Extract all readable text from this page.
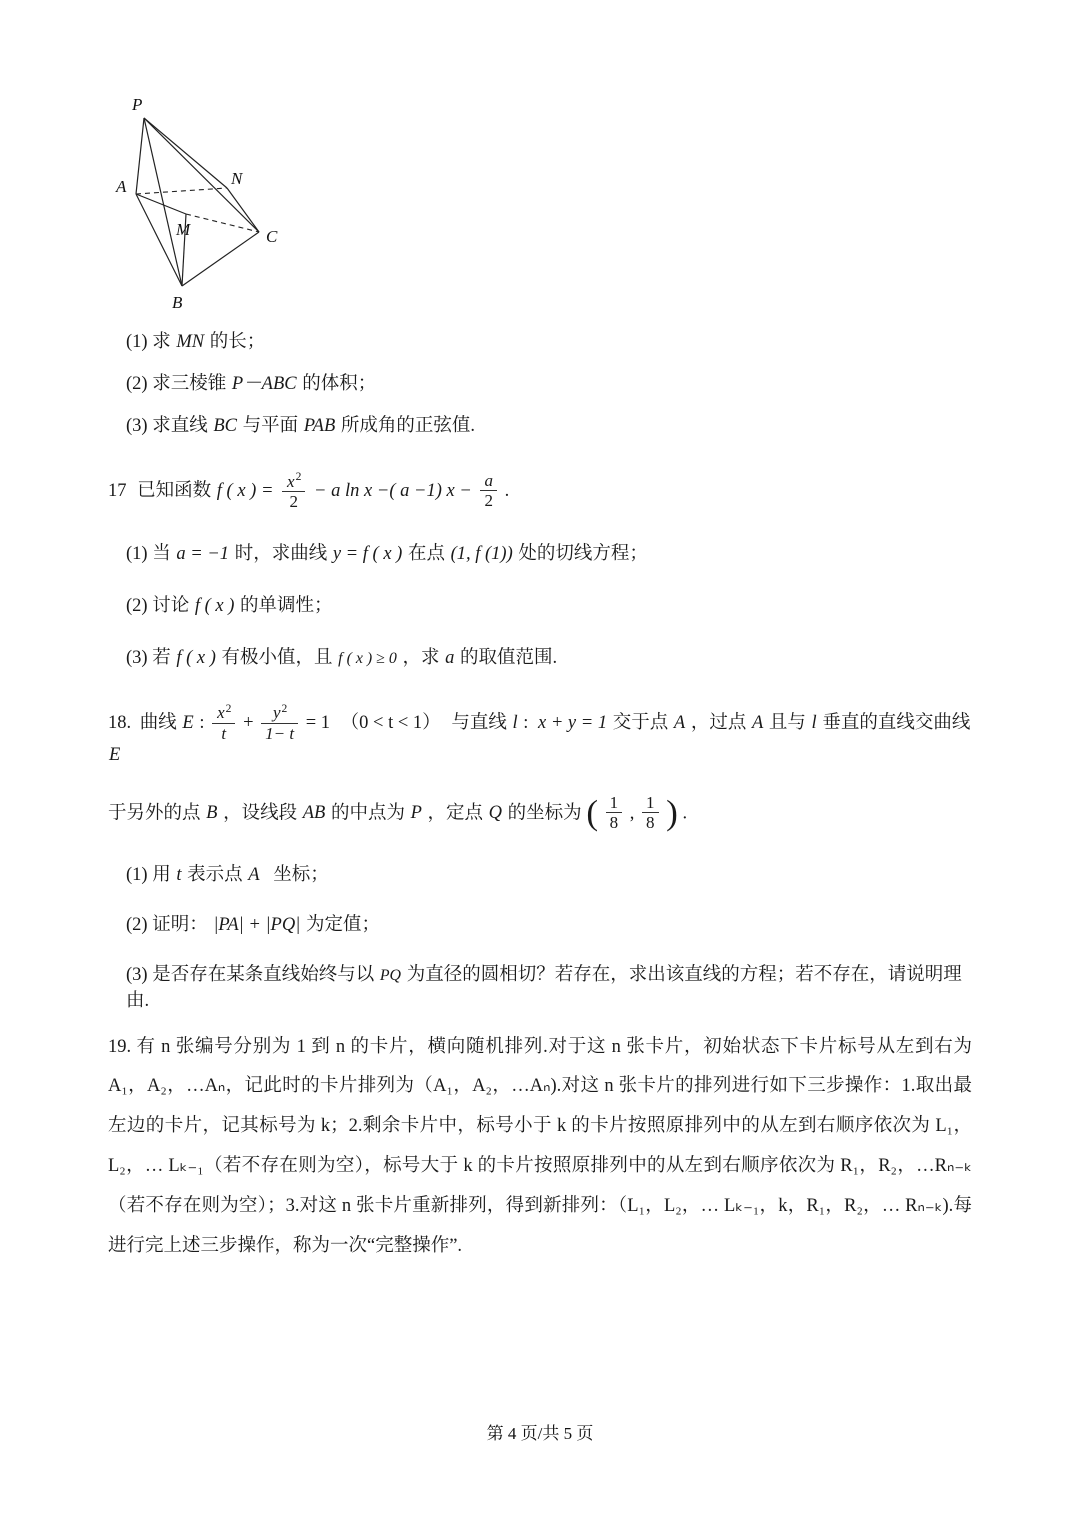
P
A	N
M	C
B
(1) 求 MN 的长；
(2) 求三棱锥 P－ABC 的体积；
(3) 求直线 BC 与平面 PAB 所成角的正弦值.
17 已知函数 f ( x ) = $\frac{x^2}{2} - a$ ln x −( a −1) $x - \frac{a}{2}$ .
(1) 当 a = −1 时，求曲线 y = f ( x ) 在点 (1, f (1)) 处的切线方程；
(2) 讨论 f ( x ) 的单调性；
(3) 若 f ( x ) 有极小值，且 f ( x ) ≥ 0 ，求 a 的取值范围.
18. 曲线 E : $\frac{x^2}{t} + \frac{y^2}{1- t} = 1$ （0 < t < 1） 与直线 l : x + y = 1 交于点 A ，过点 A 且与 l 垂直的直线交曲线 E
于另外的点 B ，设线段 AB 的中点为 P ，定点 Q 的坐标为 ( $\frac{1}{8}$ , $\frac{1}{8}$ ) .
(1) 用 t 表示点 A 坐标；
(2) 证明： |PA| + |PQ| 为定值；
(3) 是否存在某条直线始终与以 PQ 为直径的圆相切？若存在，求出该直线的方程；若不存在，请说明理由.
19. 有 n 张编号分别为 1 到 n 的卡片，横向随机排列.对于这 n 张卡片，初始状态下卡片标号从左到右为 A₁，A₂，…Aₙ，记此时的卡片排列为（A₁，A₂，…Aₙ).对这 n 张卡片的排列进行如下三步操作：1.取出最左边的卡片，记其标号为 k；2.剩余卡片中，标号小于 k 的卡片按照原排列中的从左到右顺序依次为 L₁，L₂，… Lₖ₋₁（若不存在则为空），标号大于 k 的卡片按照原排列中的从左到右顺序依次为 R₁，R₂，…Rₙ₋ₖ（若不存在则为空）；3.对这 n 张卡片重新排列，得到新排列：（L₁，L₂，… Lₖ₋₁，k，R₁，R₂，… Rₙ₋ₖ).每进行完上述三步操作，称为一次“完整操作”.
第 4 页/共 5 页
